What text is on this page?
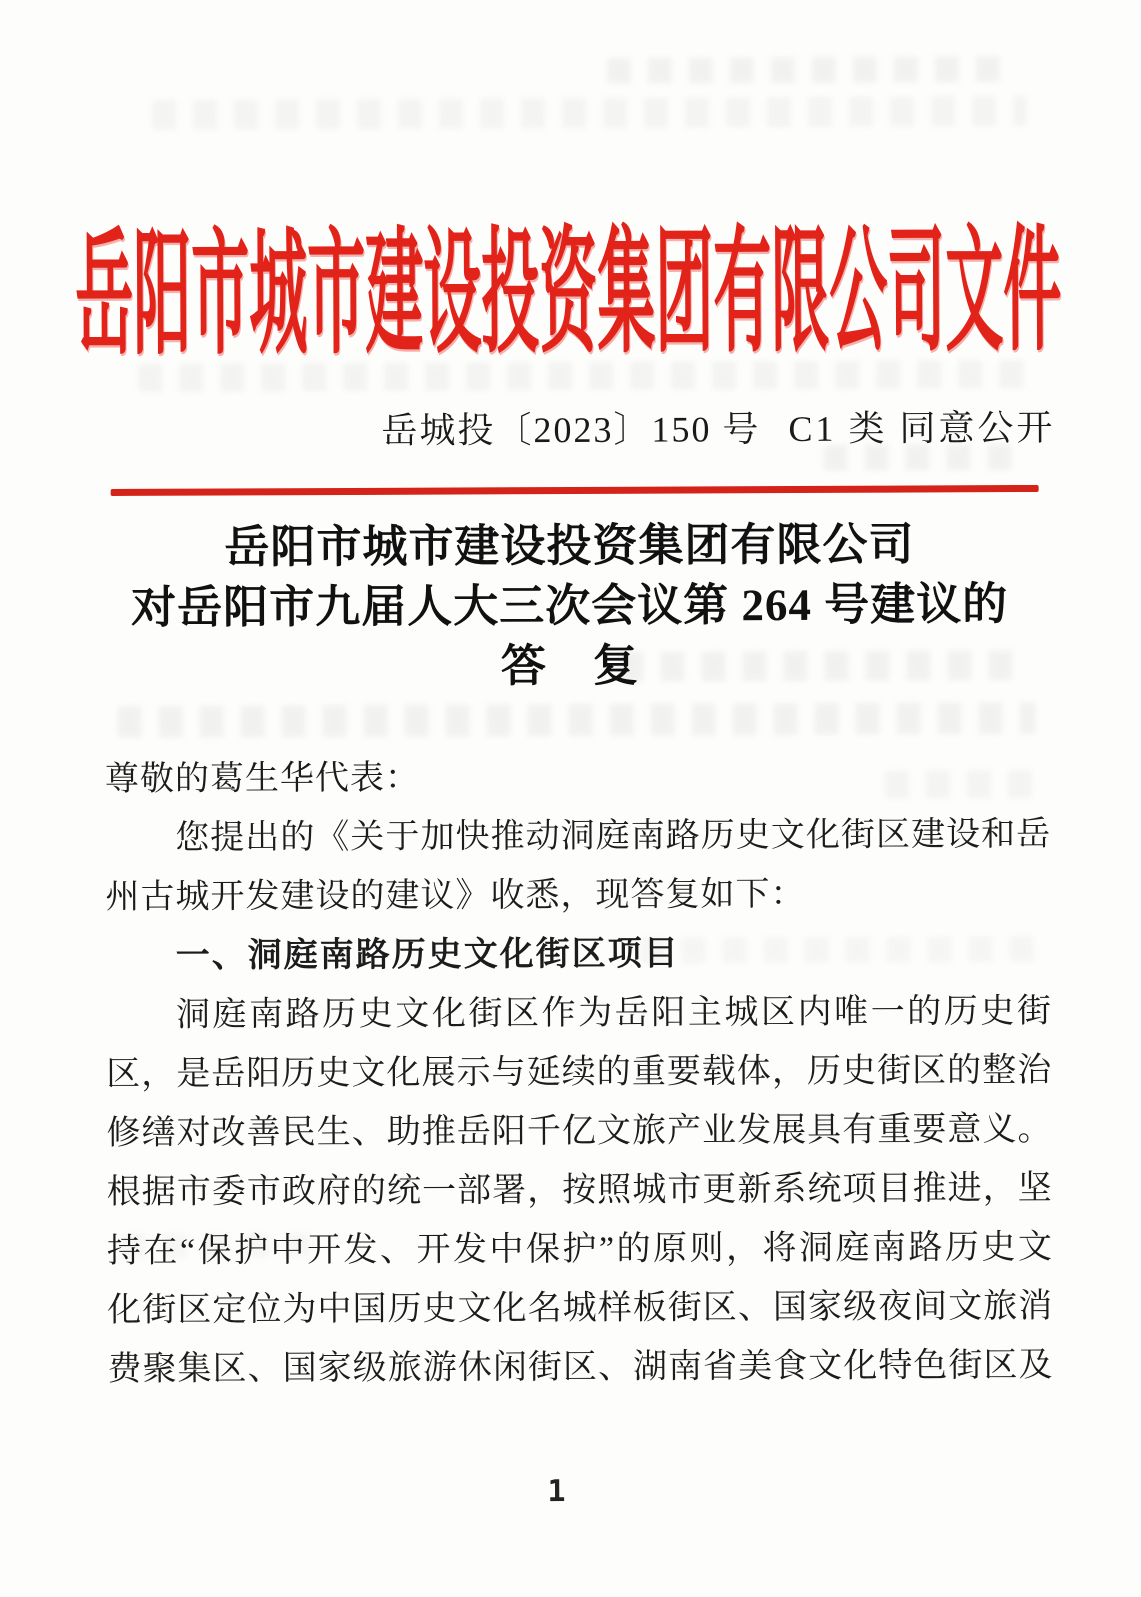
岳阳市城市建设投资集团有限公司文件
岳城投〔2023〕150 号 C1 类 同意公开
岳阳市城市建设投资集团有限公司
对岳阳市九届人大三次会议第 264 号建议的
答　复
尊敬的葛生华代表：
您提出的《关于加快推动洞庭南路历史文化街区建设和岳
州古城开发建设的建议》收悉，现答复如下：
一、洞庭南路历史文化街区项目
洞庭南路历史文化街区作为岳阳主城区内唯一的历史街
区，是岳阳历史文化展示与延续的重要载体，历史街区的整治
修缮对改善民生、助推岳阳千亿文旅产业发展具有重要意义。
根据市委市政府的统一部署，按照城市更新系统项目推进，坚
持在“保护中开发、开发中保护”的原则，将洞庭南路历史文
化街区定位为中国历史文化名城样板街区、国家级夜间文旅消
费聚集区、国家级旅游休闲街区、湖南省美食文化特色街区及
1
